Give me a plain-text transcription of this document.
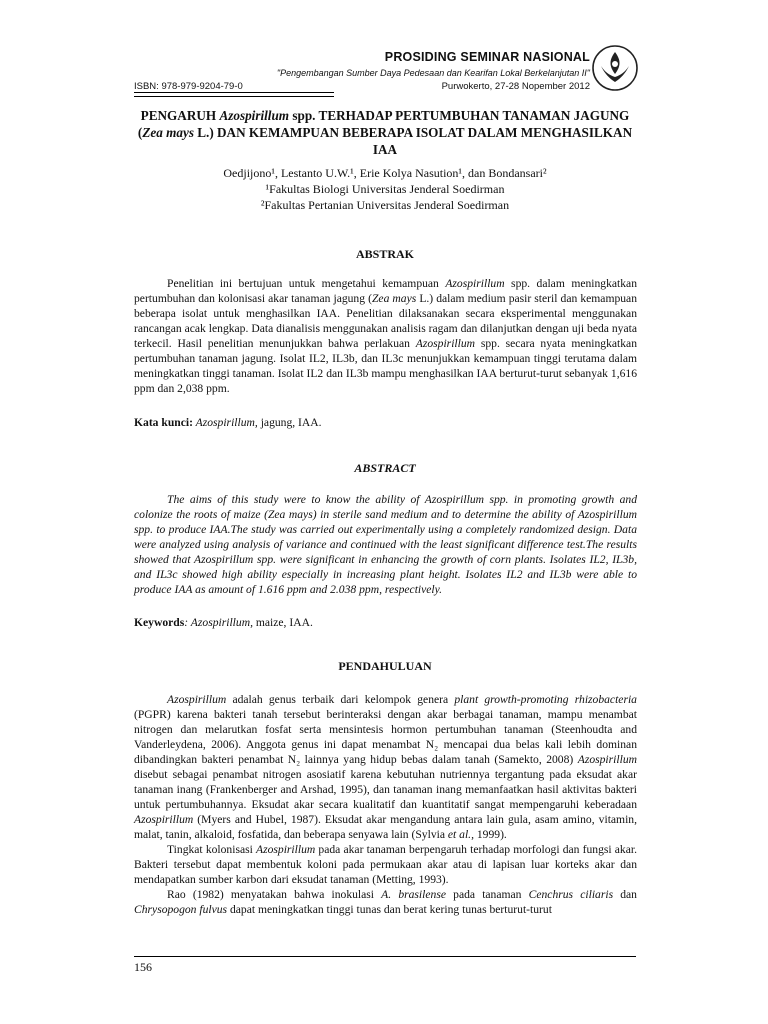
PROSIDING SEMINAR NASIONAL
"Pengembangan Sumber Daya Pedesaan dan Kearifan Lokal Berkelanjutan II"
ISBN: 978-979-9204-79-0	Purwokerto, 27-28 Nopember 2012
PENGARUH Azospirillum spp. TERHADAP PERTUMBUHAN TANAMAN JAGUNG
(Zea mays L.) DAN KEMAMPUAN BEBERAPA ISOLAT DALAM MENGHASILKAN
IAA
Oedjijono¹, Lestanto U.W.¹, Erie Kolya Nasution¹, dan Bondansari²
¹Fakultas Biologi Universitas Jenderal Soedirman
²Fakultas Pertanian Universitas Jenderal Soedirman
ABSTRAK

Penelitian ini bertujuan untuk mengetahui kemampuan Azospirillum spp. dalam meningkatkan pertumbuhan dan kolonisasi akar tanaman jagung (Zea mays L.) dalam medium pasir steril dan kemampuan beberapa isolat untuk menghasilkan IAA. Penelitian dilaksanakan secara eksperimental menggunakan rancangan acak lengkap. Data dianalisis menggunakan analisis ragam dan dilanjutkan dengan uji beda nyata terkecil. Hasil penelitian menunjukkan bahwa perlakuan Azospirillum spp. secara nyata meningkatkan pertumbuhan tanaman jagung. Isolat IL2, IL3b, dan IL3c menunjukkan kemampuan tinggi terutama dalam meningkatkan tinggi tanaman. Isolat IL2 dan IL3b mampu menghasilkan IAA berturut-turut sebanyak 1,616 ppm dan 2,038 ppm.

Kata kunci: Azospirillum, jagung, IAA.
ABSTRACT

The aims of this study were to know the ability of Azospirillum spp. in promoting growth and colonize the roots of maize (Zea mays) in sterile sand medium and to determine the ability of Azospirillum spp. to produce IAA.The study was carried out experimentally using a completely randomized design. Data were analyzed using analysis of variance and continued with the least significant difference test.The results showed that Azospirillum spp. were significant in enhancing the growth of corn plants. Isolates IL2, IL3b, and IL3c showed high ability especially in increasing plant height. Isolates IL2 and IL3b were able to produce IAA as amount of 1.616 ppm and 2.038 ppm, respectively.

Keywords: Azospirillum, maize, IAA.
PENDAHULUAN

Azospirillum adalah genus terbaik dari kelompok genera plant growth-promoting rhizobacteria (PGPR) karena bakteri tanah tersebut berinteraksi dengan akar berbagai tanaman, mampu menambat nitrogen dan melarutkan fosfat serta mensintesis hormon pertumbuhan tanaman (Steenhoudta and Vanderleydena, 2006). Anggota genus ini dapat menambat N₂ mencapai dua belas kali lebih dominan dibandingkan bakteri penambat N₂ lainnya yang hidup bebas dalam tanah (Samekto, 2008) Azospirillum disebut sebagai penambat nitrogen asosiatif karena kebutuhan nutriennya tergantung pada eksudat akar tanaman inang (Frankenberger and Arshad, 1995), dan tanaman inang memanfaatkan hasil aktivitas bakteri untuk pertumbuhannya. Eksudat akar secara kualitatif dan kuantitatif sangat mempengaruhi keberadaan Azospirillum (Myers and Hubel, 1987). Eksudat akar mengandung antara lain gula, asam amino, vitamin, malat, tanin, alkaloid, fosfatida, dan beberapa senyawa lain (Sylvia et al., 1999).

Tingkat kolonisasi Azospirillum pada akar tanaman berpengaruh terhadap morfologi dan fungsi akar. Bakteri tersebut dapat membentuk koloni pada permukaan akar atau di lapisan luar korteks akar dan mendapatkan sumber karbon dari eksudat tanaman (Metting, 1993).

Rao (1982) menyatakan bahwa inokulasi A. brasilense pada tanaman Cenchrus ciliaris dan Chrysopogon fulvus dapat meningkatkan tinggi tunas dan berat kering tunas berturut-turut

156
